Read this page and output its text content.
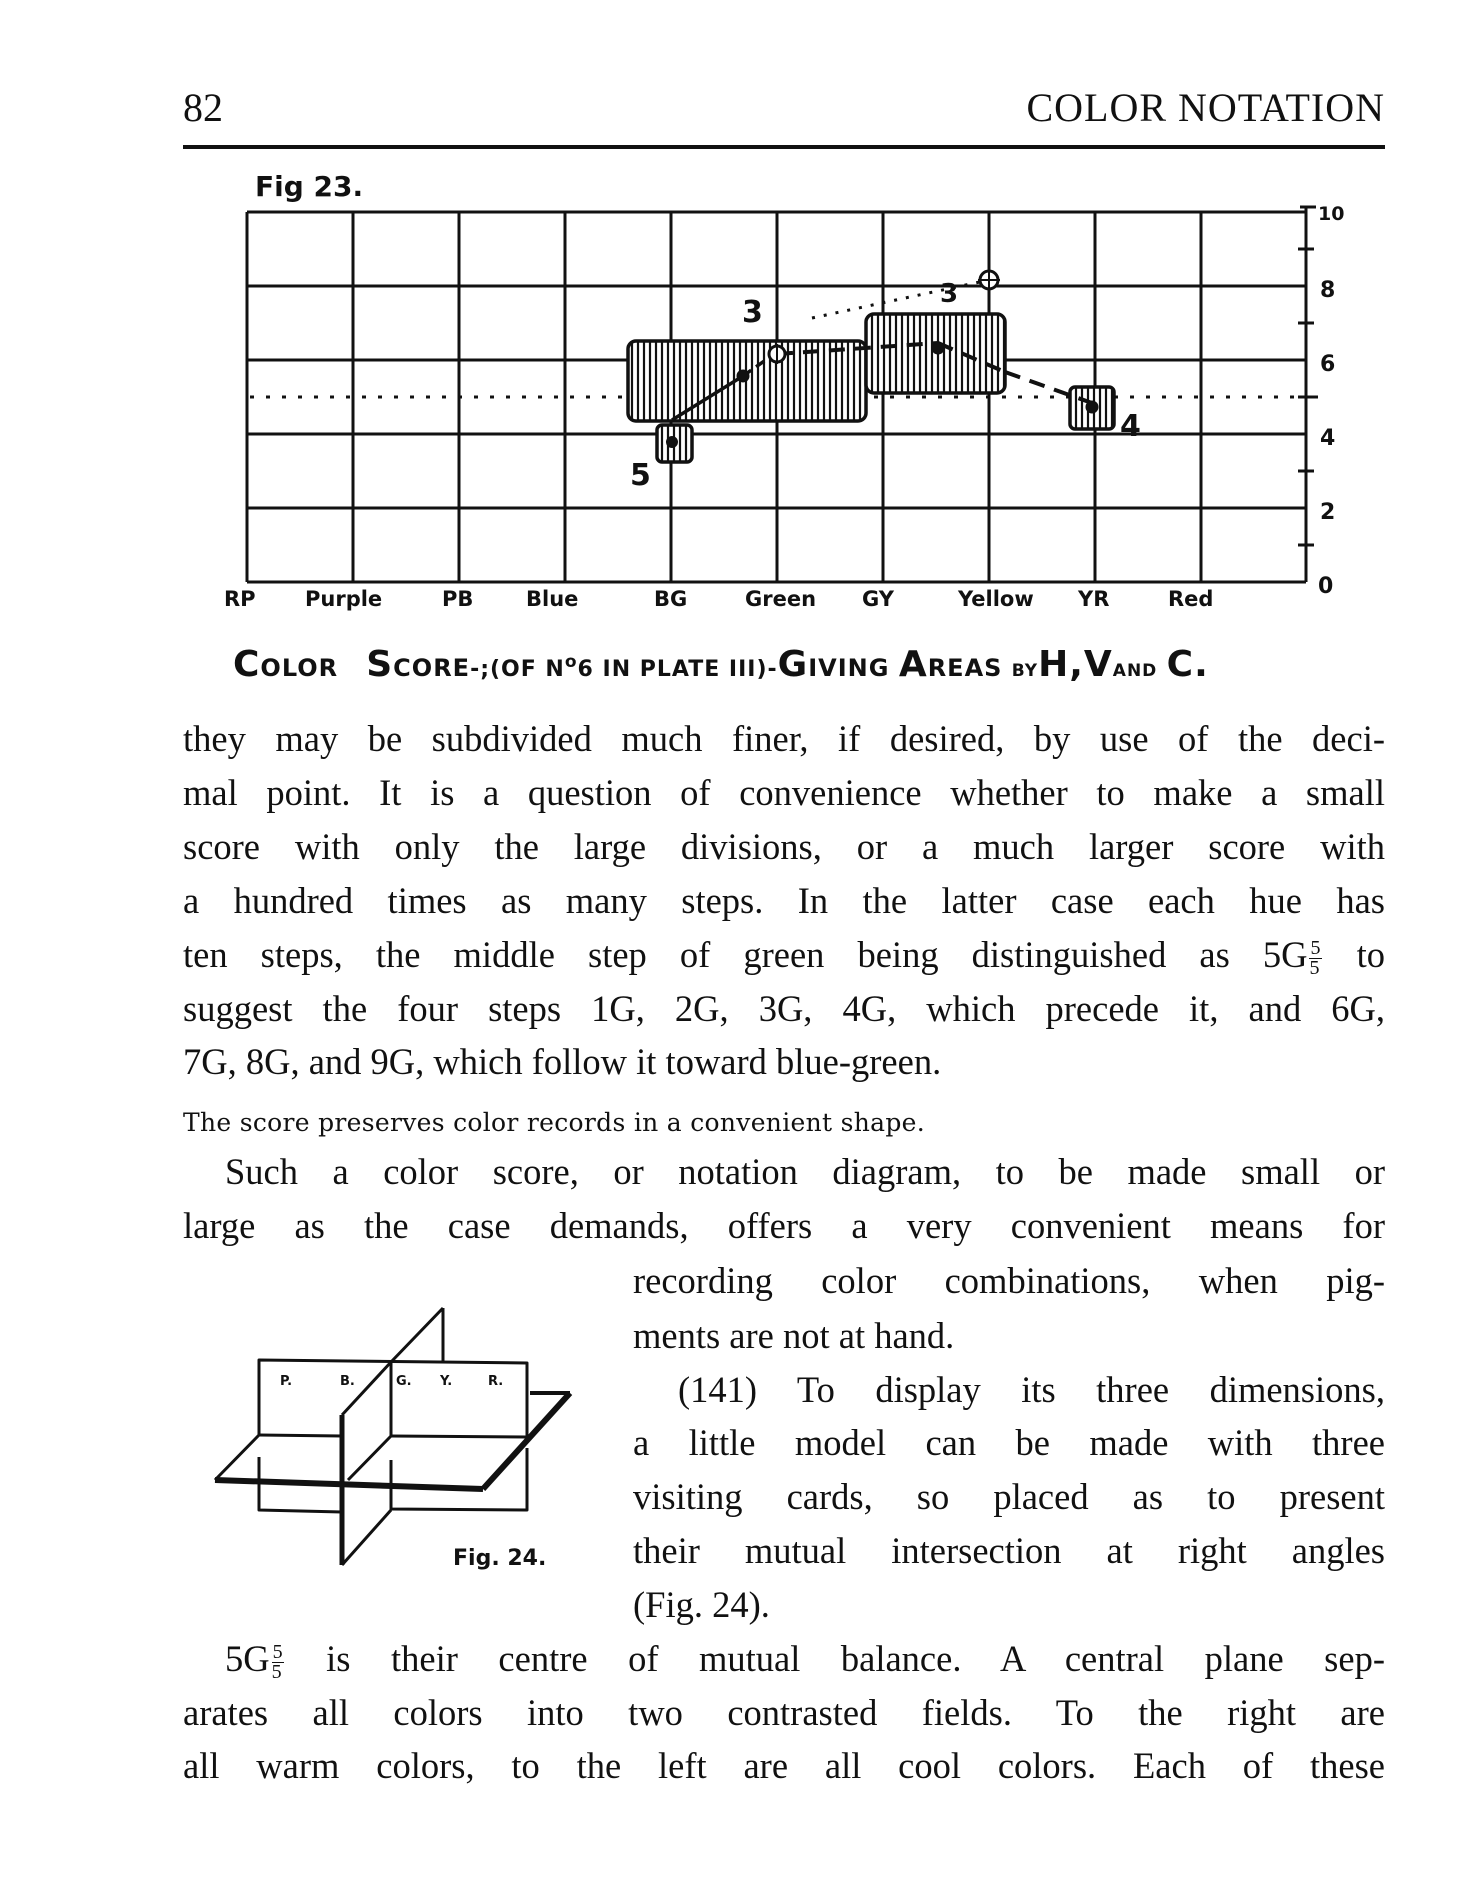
82	COLOR NOTATION
Fig 23.
5
3
3
4
10
8
6
4
2
0
RP Purple	PB	Blue	BG	Green GY	Yellow YR	Red
COLOR SCORE-;(OF $N^o6$ IN PLATE III)-GIVING AREAS BYH,VAND C.
they may be subdivided much finer, if desired, by use of the deci-
mal point. It is a question of convenience whether to make a small
score with only the large divisions, or a much larger score with
a hundred times as many steps. In the latter case each hue has
ten steps, the middle step of green being distinguished as $5G \frac{5}{5}$ to
suggest the four steps 1G, 2G, 3G, 4G, which precede it, and 6G,
7G, 8G, and 9G, which follow it toward blue-green.
The score preserves color records in a convenient shape.
Such a color score, or notation diagram, to be made small or
large as the case demands, offers a very convenient means for
recording color combinations, when pig-
ments are not at hand.
(141) To display its three dimensions,
a little model can be made with three
visiting cards, so placed as to present
their mutual intersection at right angles
(Fig. 24).
$5G \frac{5}{5}$ is their centre of mutual balance. A central plane sep-
arates all colors into two contrasted fields. To the right are
all warm colors, to the left are all cool colors. Each of these
P.	B.	G. Y.	R.
Fig. 24.
